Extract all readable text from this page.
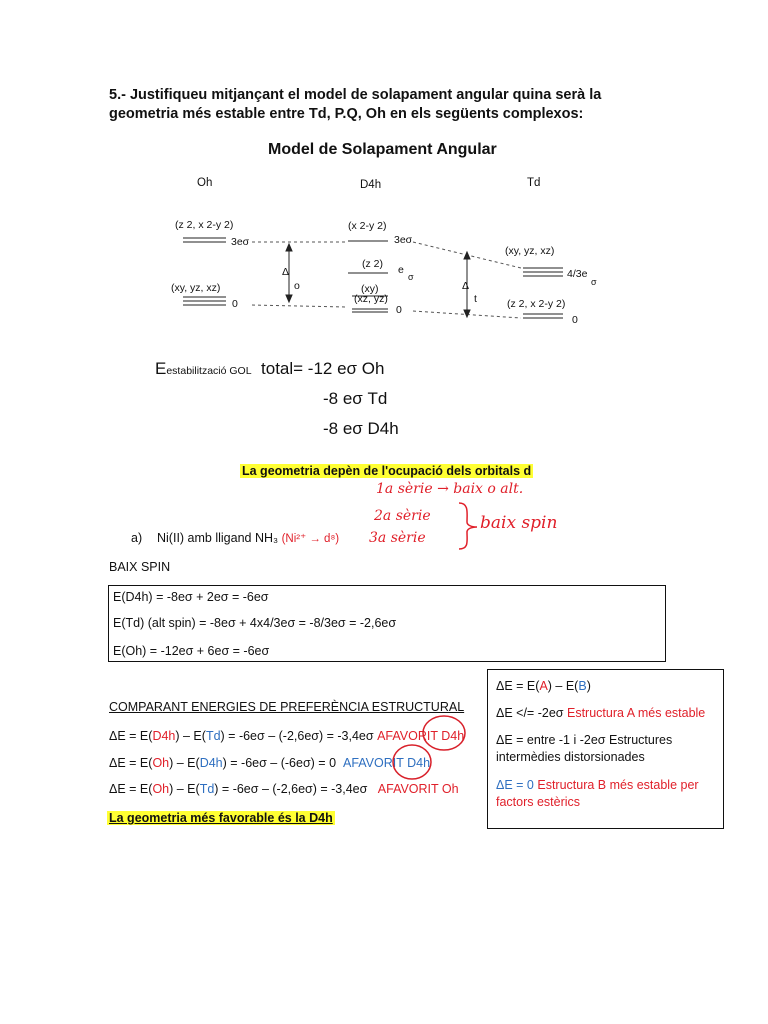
5.- Justifiqueu mitjançant el model de solapament angular quina serà la geometria més estable entre Td, P.Q, Oh en els següents complexos:
Model de Solapament Angular
Oh	D4h	Td
(z 2, x 2-y 2)
3eσ
(xy, yz, xz)
0
Δ
o
(x 2-y 2)
3eσ
(z 2) e
σ
(xy)
(xz, yz)
0
(xy, yz, xz)
4/3e
σ
(z 2, x 2-y 2)
0
Δ
t
Eestabilització GOL total= -12 eσ Oh
-8 eσ Td
-8 eσ D4h
La geometria depèn de l'ocupació dels orbitals d
1a sèrie → baix o alt.
2a sèrie
3a sèrie
baix spin
a) Ni(II) amb lligand NH₃ (Ni²⁺ → d⁸)
BAIX SPIN
E(D4h) = -8eσ + 2eσ = -6eσ
E(Td) (alt spin) = -8eσ + 4x4/3eσ = -8/3eσ = -2,6eσ
E(Oh) = -12eσ + 6eσ = -6eσ
COMPARANT ENERGIES DE PREFERÈNCIA ESTRUCTURAL
ΔE = E(D4h) – E(Td) = -6eσ – (-2,6eσ) = -3,4eσ AFAVORIT D4h
ΔE = E(Oh) – E(D4h) = -6eσ – (-6eσ) = 0 AFAVORIT D4h
ΔE = E(Oh) – E(Td) = -6eσ – (-2,6eσ) = -3,4eσ AFAVORIT Oh
La geometria més favorable és la D4h
ΔE = E(A) – E(B)
ΔE </= -2eσ Estructura A més estable
ΔE = entre -1 i -2eσ Estructures intermèdies distorsionades
ΔE = 0 Estructura B més estable per factors estèrics
